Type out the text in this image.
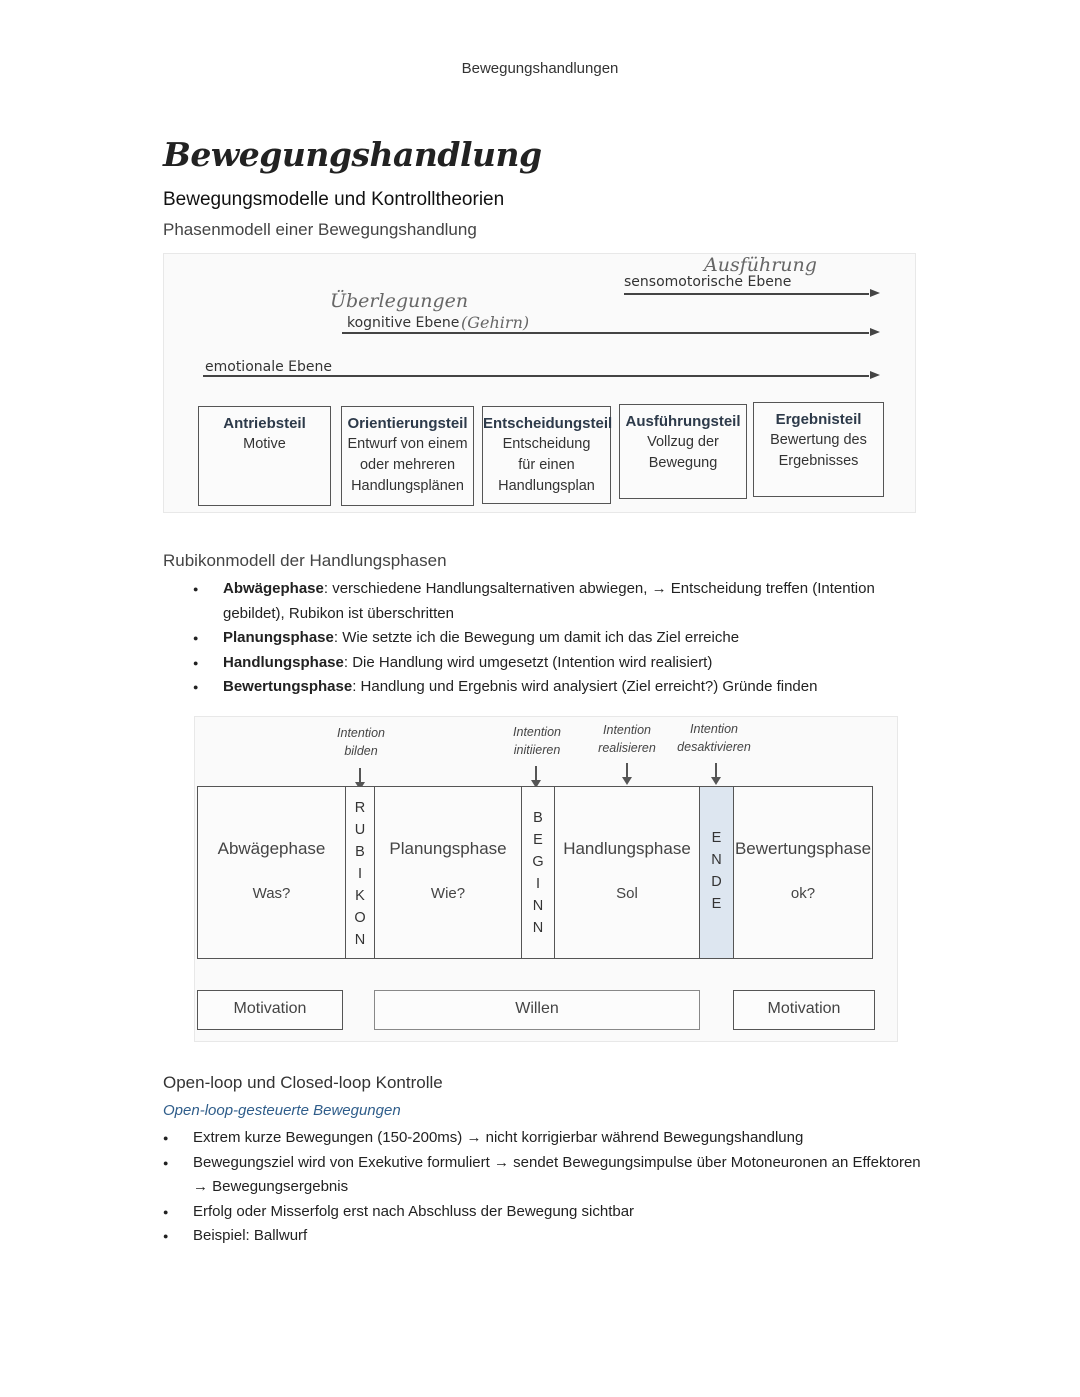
Bewegungshandlungen
Bewegungshandlung
Bewegungsmodelle und Kontrolltheorien
Phasenmodell einer Bewegungshandlung
Ausführung
sensomotorische Ebene
Überlegungen
kognitive Ebene (Gehirn)
emotionale Ebene
Antriebsteil
Motive
Orientierungsteil
Entwurf von einem
oder mehreren
Handlungsplänen
Entscheidungsteil
Entscheidung
für einen
Handlungsplan
Ausführungsteil
Vollzug der
Bewegung
Ergebnisteil
Bewertung des
Ergebnisses
Rubikonmodell der Handlungsphasen
● Abwägephase: verschiedene Handlungsalternativen abwiegen, → Entscheidung treffen (Intention gebildet), Rubikon ist überschritten
● Planungsphase: Wie setzte ich die Bewegung um damit ich das Ziel erreiche
● Handlungsphase: Die Handlung wird umgesetzt (Intention wird realisiert)
● Bewertungsphase: Handlung und Ergebnis wird analysiert (Ziel erreicht?) Gründe finden
Intention
bilden
Intention
initiieren
Intention
realisieren
Intention
desaktivieren
Abwägephase
Was?
R
U
B
I
K
O
N
Planungsphase
Wie?
B
E
G
I
N
N
Handlungsphase
Sol
E
N
D
E
Bewertungsphase
ok?
Motivation	Willen	Motivation
Open-loop und Closed-loop Kontrolle
Open-loop-gesteuerte Bewegungen
● Extrem kurze Bewegungen (150-200ms) → nicht korrigierbar während Bewegungshandlung
● Bewegungsziel wird von Exekutive formuliert → sendet Bewegungsimpulse über Motoneuronen an Effektoren → Bewegungsergebnis
● Erfolg oder Misserfolg erst nach Abschluss der Bewegung sichtbar
● Beispiel: Ballwurf
